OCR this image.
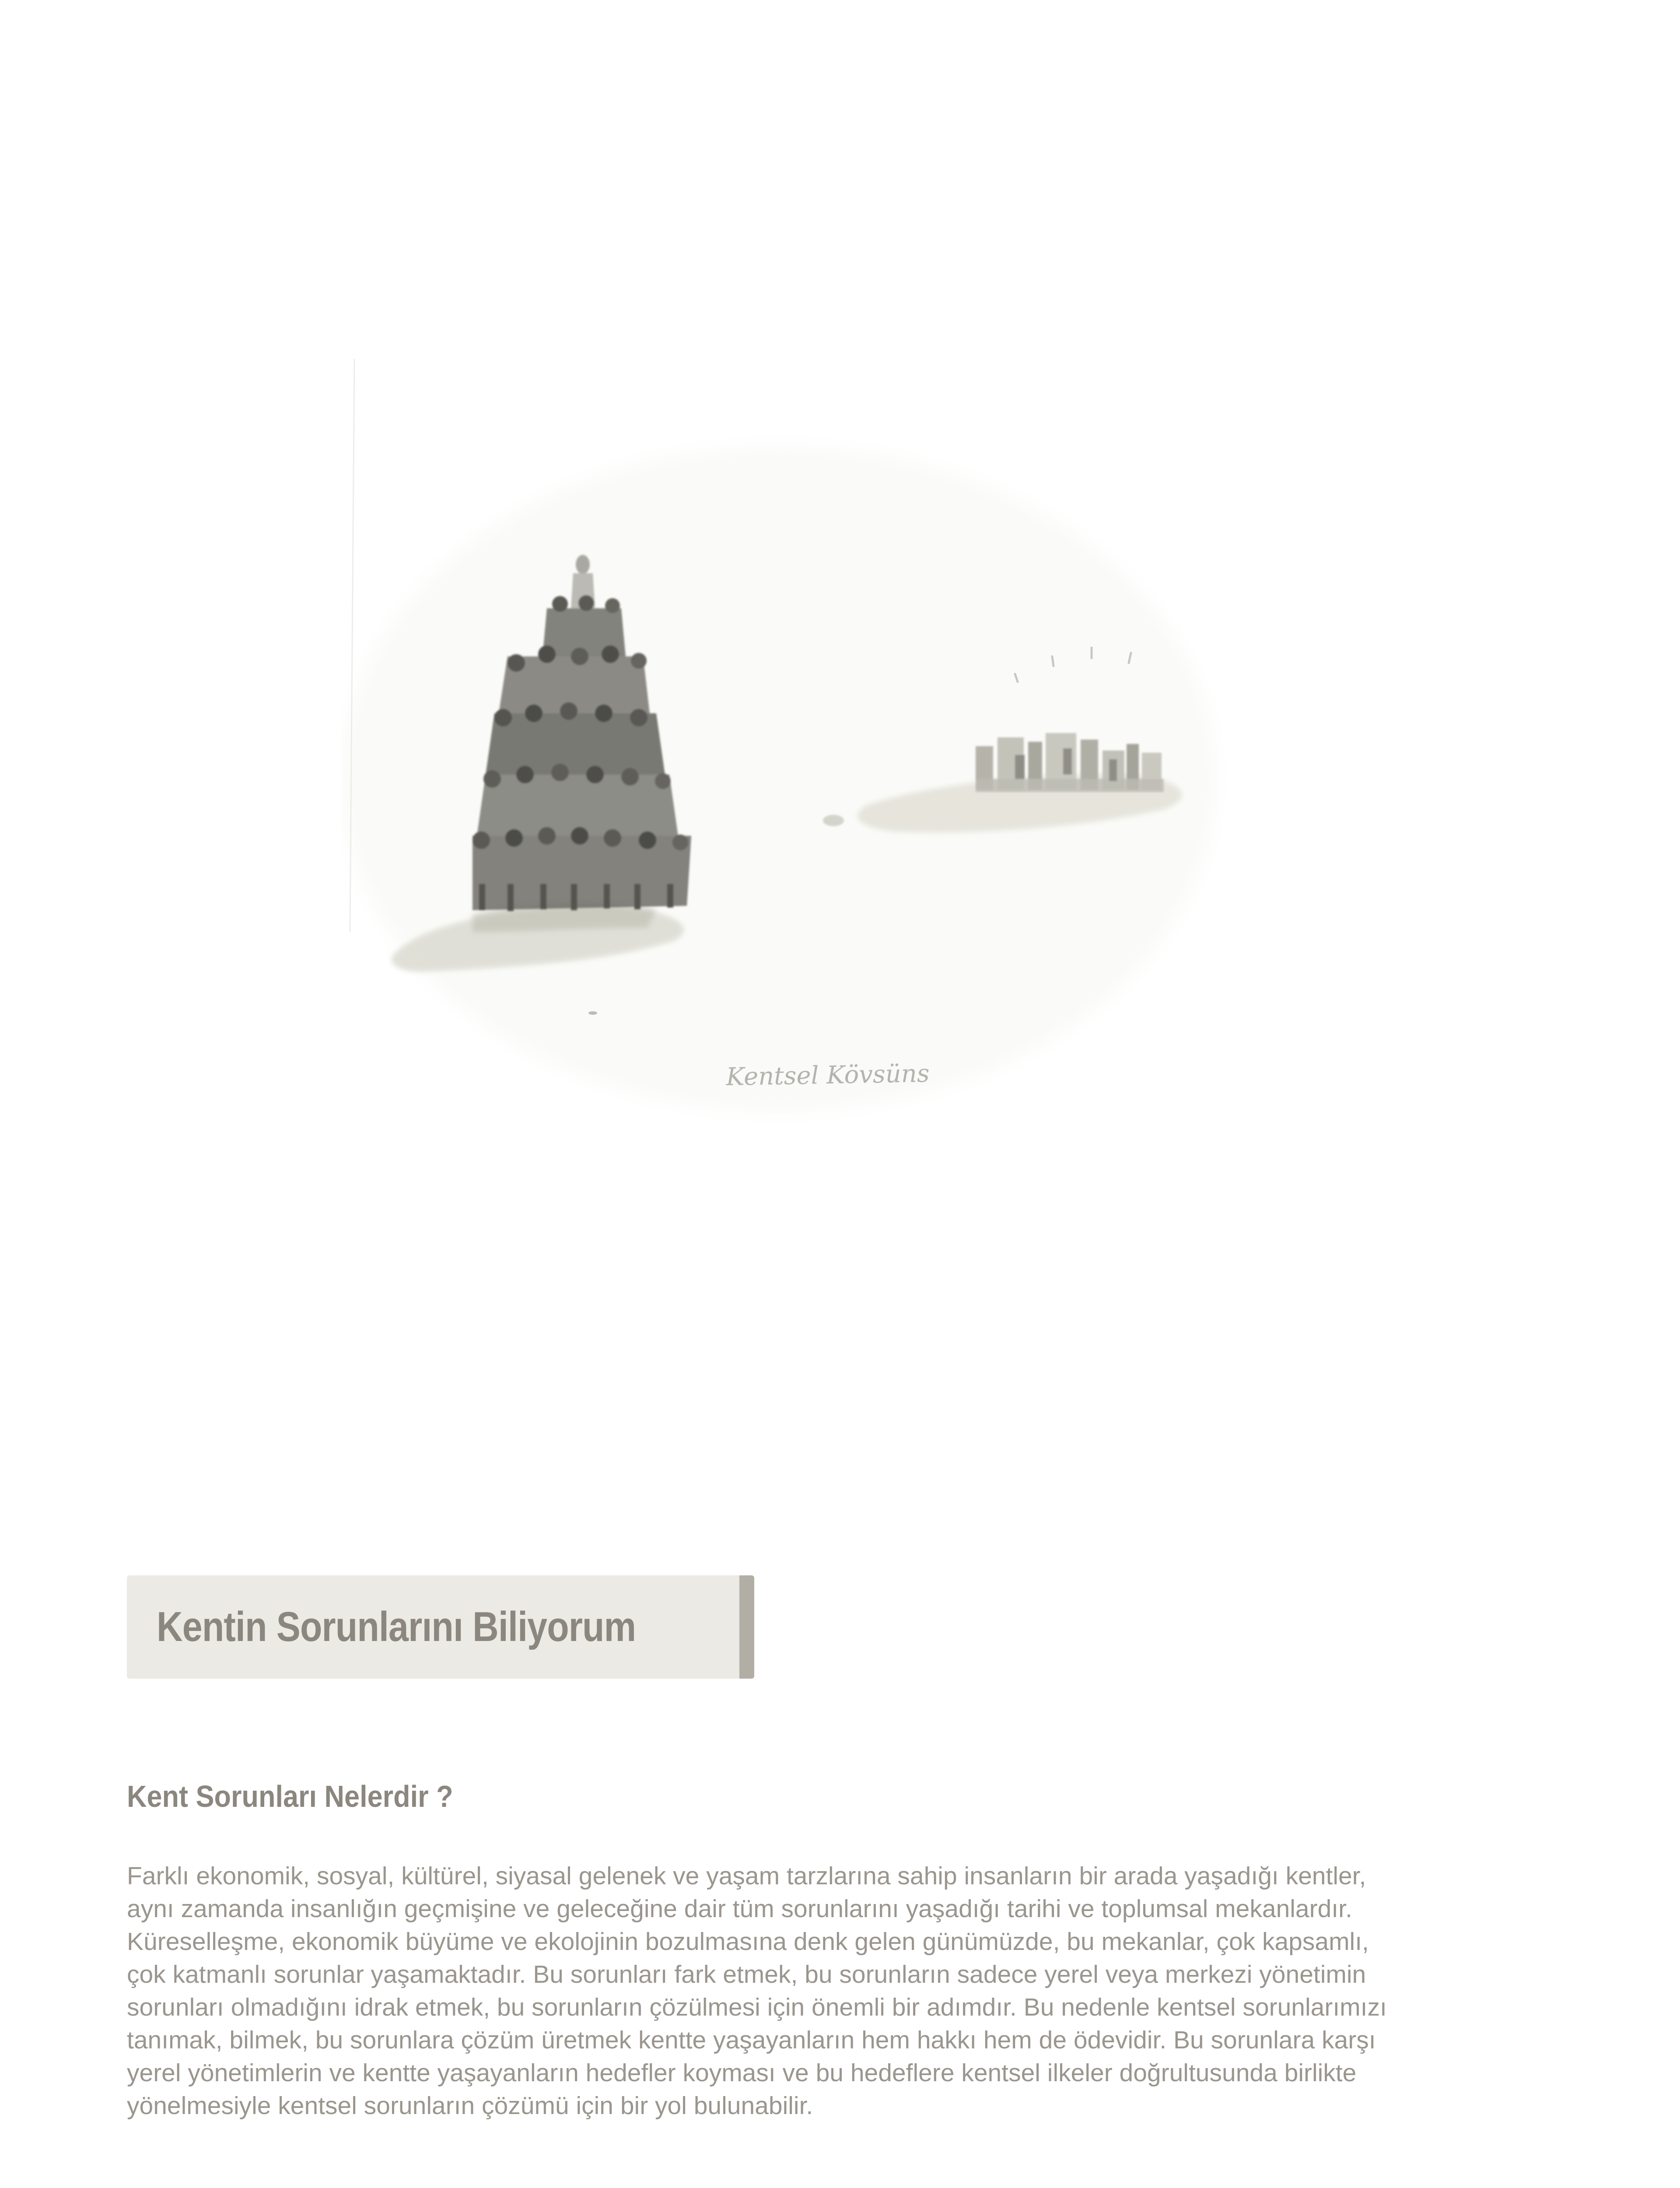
Kentsel Kövsüns
Kentin Sorunlarını Biliyorum
Kent Sorunları Nelerdir ?
Farklı ekonomik, sosyal, kültürel, siyasal gelenek ve yaşam tarzlarına sahip insanların bir arada yaşadığı kentler,
aynı zamanda insanlığın geçmişine ve geleceğine dair tüm sorunlarını yaşadığı tarihi ve toplumsal mekanlardır.
Küreselleşme, ekonomik büyüme ve ekolojinin bozulmasına denk gelen günümüzde, bu mekanlar, çok kapsamlı,
çok katmanlı sorunlar yaşamaktadır. Bu sorunları fark etmek, bu sorunların sadece yerel veya merkezi yönetimin
sorunları olmadığını idrak etmek, bu sorunların çözülmesi için önemli bir adımdır. Bu nedenle kentsel sorunlarımızı
tanımak, bilmek, bu sorunlara çözüm üretmek kentte yaşayanların hem hakkı hem de ödevidir. Bu sorunlara karşı
yerel yönetimlerin ve kentte yaşayanların hedefler koyması ve bu hedeflere kentsel ilkeler doğrultusunda birlikte
yönelmesiyle kentsel sorunların çözümü için bir yol bulunabilir.
